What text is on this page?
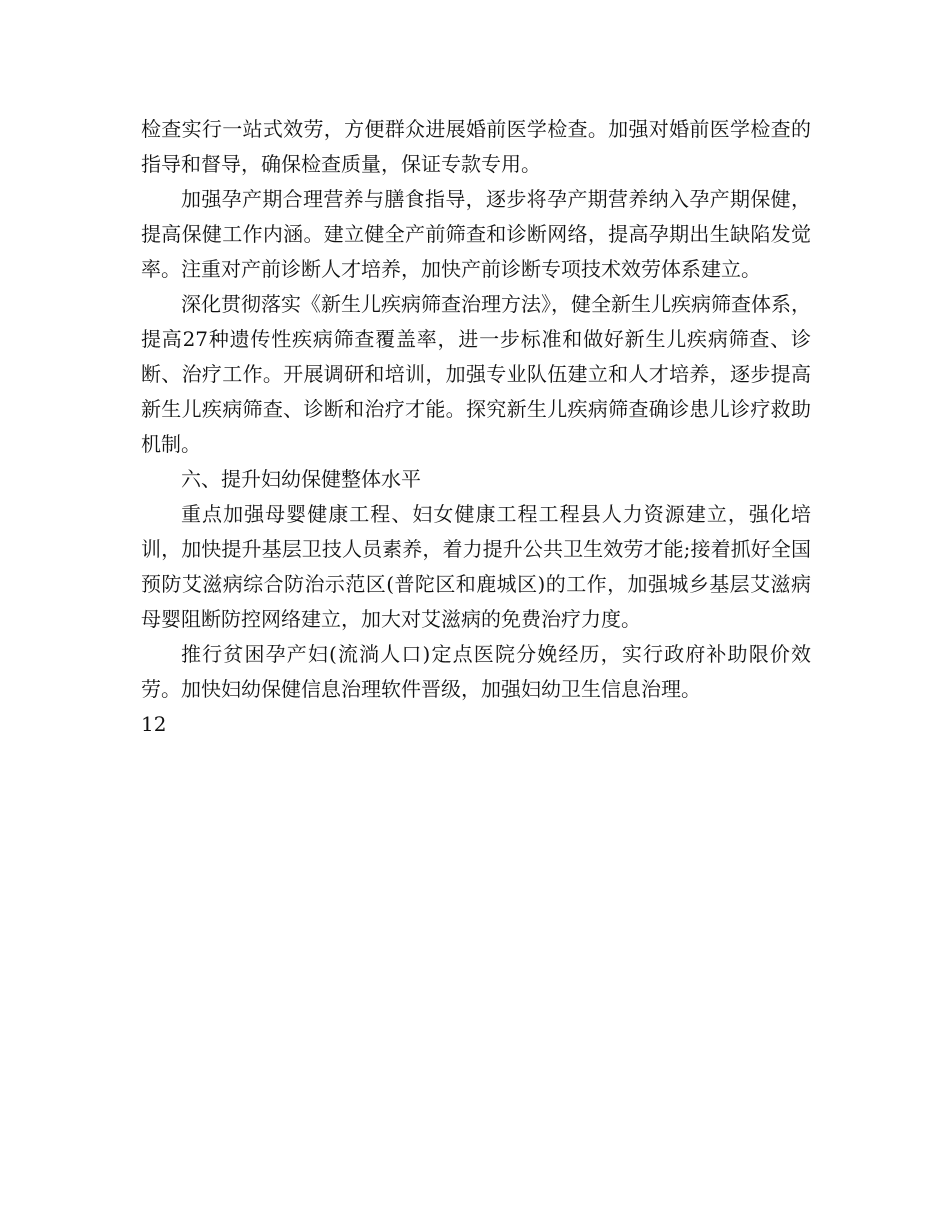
检查实行一站式效劳，方便群众进展婚前医学检查。加强对婚前医学检查的指导和督导，确保检查质量，保证专款专用。

加强孕产期合理营养与膳食指导，逐步将孕产期营养纳入孕产期保健，提高保健工作内涵。建立健全产前筛查和诊断网络，提高孕期出生缺陷发觉率。注重对产前诊断人才培养，加快产前诊断专项技术效劳体系建立。

深化贯彻落实《新生儿疾病筛查治理方法》，健全新生儿疾病筛查体系，提高27种遗传性疾病筛查覆盖率，进一步标准和做好新生儿疾病筛查、诊断、治疗工作。开展调研和培训，加强专业队伍建立和人才培养，逐步提高新生儿疾病筛查、诊断和治疗才能。探究新生儿疾病筛查确诊患儿诊疗救助机制。

六、提升妇幼保健整体水平

重点加强母婴健康工程、妇女健康工程工程县人力资源建立，强化培训，加快提升基层卫技人员素养，着力提升公共卫生效劳才能;接着抓好全国预防艾滋病综合防治示范区(普陀区和鹿城区)的工作，加强城乡基层艾滋病母婴阻断防控网络建立，加大对艾滋病的免费治疗力度。

推行贫困孕产妇(流淌人口)定点医院分娩经历，实行政府补助限价效劳。加快妇幼保健信息治理软件晋级，加强妇幼卫生信息治理。

12
